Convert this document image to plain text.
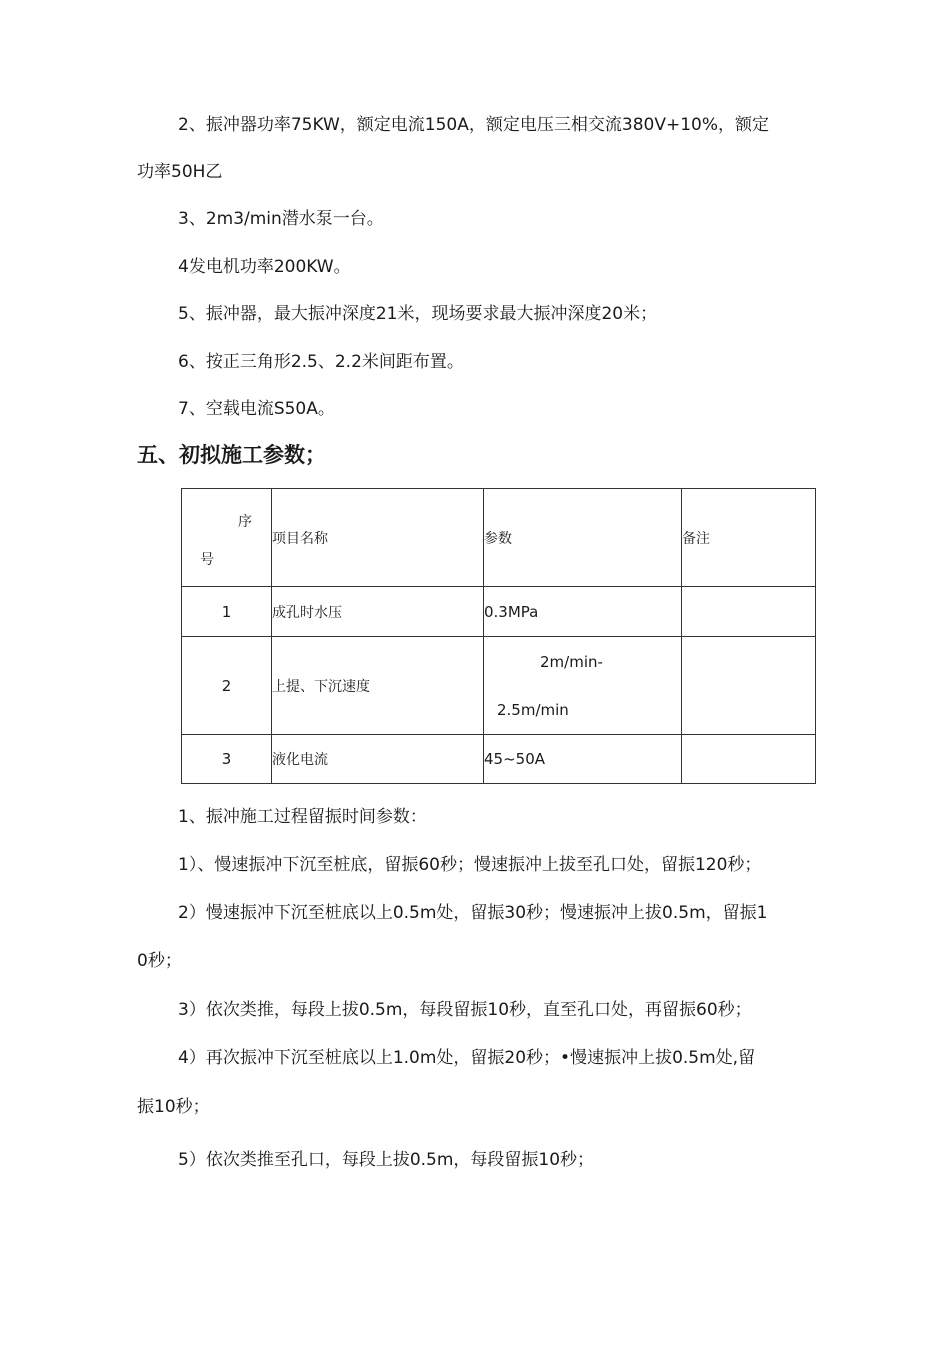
2、振冲器功率75KW，额定电流150A，额定电压三相交流380V+10%，额定
功率50H乙
3、2m3/min潜水泵一台。
4发电机功率200KW。
5、振冲器，最大振冲深度21米，现场要求最大振冲深度20米；
6、按正三角形2.5、2.2米间距布置。
7、空载电流S50A。
五、初拟施工参数；
序
号	项目名称	参数	备注
1	成孔时水压	0.3MPa	
2	上提、下沉速度	2m/min-
2.5m/min	

3	液化电流	45~50A	
1、振冲施工过程留振时间参数：
1）、慢速振冲下沉至桩底，留振60秒；慢速振冲上拔至孔口处，留振120秒；
2）慢速振冲下沉至桩底以上0.5m处，留振30秒；慢速振冲上拔0.5m，留振1
0秒；
3）依次类推，每段上拔0.5m，每段留振10秒，直至孔口处，再留振60秒；
4）再次振冲下沉至桩底以上1.0m处，留振20秒；•慢速振冲上拔0.5m处,留
振10秒；
5）依次类推至孔口，每段上拔0.5m，每段留振10秒；
